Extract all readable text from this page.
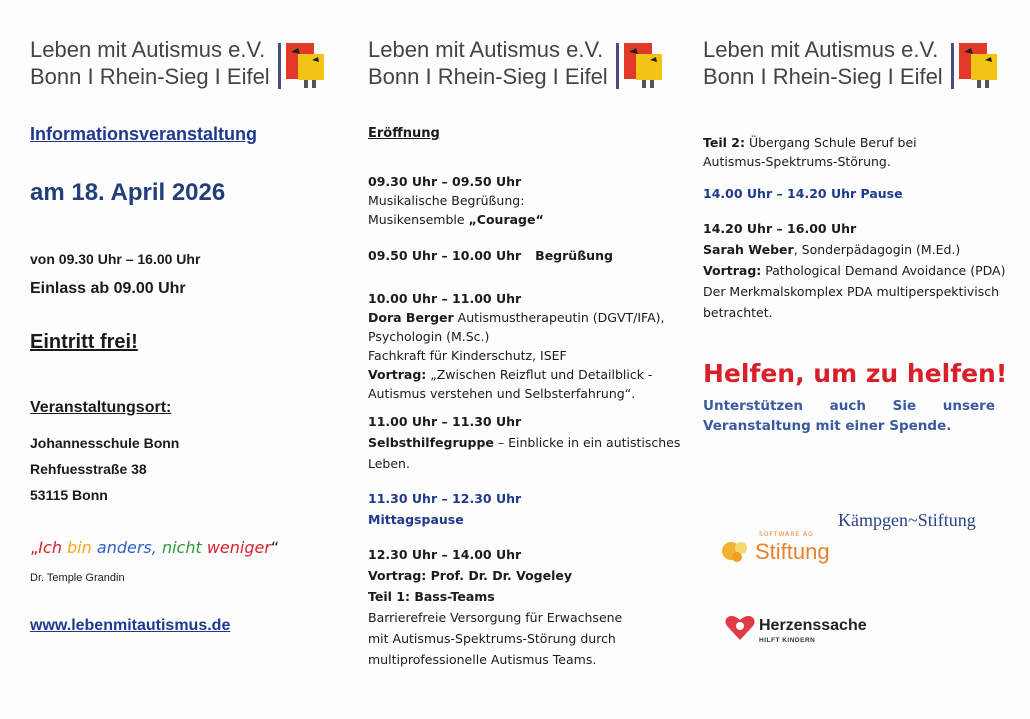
Leben mit Autismus e.V.
Bonn I Rhein-Sieg I Eifel
Informationsveranstaltung
am 18. April 2026
von 09.30 Uhr – 16.00 Uhr
Einlass ab 09.00 Uhr
Eintritt frei!
Veranstaltungsort:
Johannesschule Bonn
Rehfuesstraße 38
53115 Bonn
„Ich bin anders, nicht weniger“
Dr. Temple Grandin
www.lebenmitautismus.de
Leben mit Autismus e.V.
Bonn I Rhein-Sieg I Eifel
Eröffnung
09.30 Uhr – 09.50 Uhr
Musikalische Begrüßung:
Musikensemble „Courage“
09.50 Uhr – 10.00 Uhr Begrüßung
10.00 Uhr – 11.00 Uhr
Dora Berger Autismustherapeutin (DGVT/IFA),
Psychologin (M.Sc.)
Fachkraft für Kinderschutz, ISEF
Vortrag: „Zwischen Reizflut und Detailblick -
Autismus verstehen und Selbsterfahrung“.
11.00 Uhr – 11.30 Uhr
Selbsthilfegruppe – Einblicke in ein autistisches
Leben.
11.30 Uhr – 12.30 Uhr
Mittagspause
12.30 Uhr – 14.00 Uhr
Vortrag: Prof. Dr. Dr. Vogeley
Teil 1: Bass-Teams
Barrierefreie Versorgung für Erwachsene
mit Autismus-Spektrums-Störung durch
multiprofessionelle Autismus Teams.
Leben mit Autismus e.V.
Bonn I Rhein-Sieg I Eifel
Teil 2: Übergang Schule Beruf bei
Autismus-Spektrums-Störung.
14.00 Uhr – 14.20 Uhr Pause
14.20 Uhr – 16.00 Uhr
Sarah Weber, Sonderpädagogin (M.Ed.)
Vortrag: Pathological Demand Avoidance (PDA)
Der Merkmalskomplex PDA multiperspektivisch
betrachtet.
Helfen, um zu helfen!
Unterstützen auch Sie unsere
Veranstaltung mit einer Spende.
Kämpgen~Stiftung
SOFTWARE AG
Stiftung
Herzenssache
HILFT KINDERN
